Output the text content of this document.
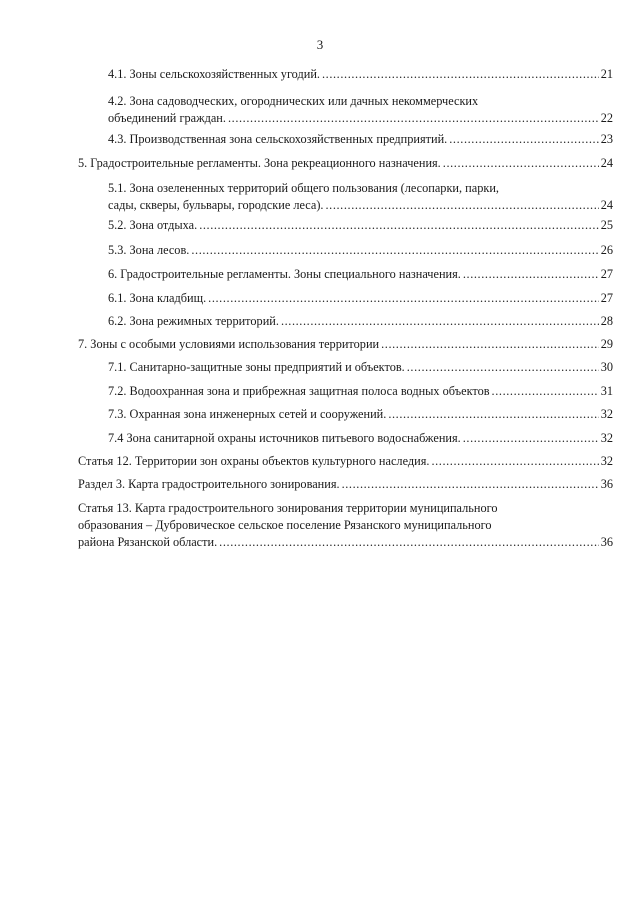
3
4.1. Зоны сельскохозяйственных угодий. .....	21
4.2. Зона садоводческих, огороднических или дачных некоммерческих
объединений граждан. .....	22
4.3. Производственная зона сельскохозяйственных предприятий. .....	23
5. Градостроительные регламенты. Зона рекреационного назначения. .....	24
5.1. Зона озелененных территорий общего пользования (лесопарки, парки,
сады, скверы, бульвары, городские леса). .....	24
5.2. Зона отдыха. .....	25
5.3. Зона лесов. .....	26
6. Градостроительные регламенты. Зоны специального назначения. .....	27
6.1. Зона кладбищ. .....	27
6.2. Зона режимных территорий. .....	28
7. Зоны с особыми условиями использования территории .....	29
7.1. Санитарно-защитные зоны предприятий и объектов. .....	30
7.2. Водоохранная зона и прибрежная защитная полоса водных объектов .....	31
7.3. Охранная зона инженерных сетей и сооружений. .....	32
7.4 Зона санитарной охраны источников питьевого водоснабжения. .....	32
Статья 12. Территории зон охраны объектов культурного наследия. .....	32
Раздел 3. Карта градостроительного зонирования. .....	36
Статья 13. Карта градостроительного зонирования территории муниципального
образования – Дубровическое сельское поселение Рязанского муниципального
района Рязанской области. .....	36
